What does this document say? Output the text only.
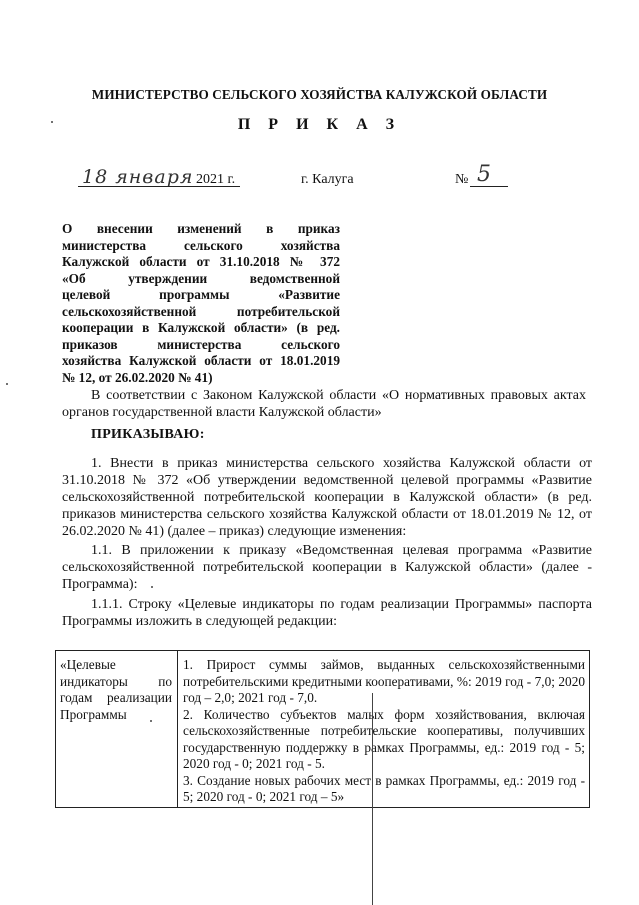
МИНИСТЕРСТВО СЕЛЬСКОГО ХОЗЯЙСТВА КАЛУЖСКОЙ ОБЛАСТИ
П Р И К А З
18 января 2021 г.	г. Калуга	№ 5
О внесении изменений в приказ
министерства сельского хозяйства
Калужской области от 31.10.2018 № 372
«Об утверждении ведомственной
целевой программы «Развитие
сельскохозяйственной потребительской
кооперации в Калужской области» (в ред.
приказов министерства сельского
хозяйства Калужской области от 18.01.2019
№ 12, от 26.02.2020 № 41)
В соответствии с Законом Калужской области «О нормативных правовых актах органов государственной власти Калужской области»
ПРИКАЗЫВАЮ:
1. Внести в приказ министерства сельского хозяйства Калужской области от 31.10.2018 № 372 «Об утверждении ведомственной целевой программы «Развитие сельскохозяйственной потребительской кооперации в Калужской области» (в ред. приказов министерства сельского хозяйства Калужской области от 18.01.2019 № 12, от 26.02.2020 № 41) (далее – приказ) следующие изменения:
1.1. В приложении к приказу «Ведомственная целевая программа «Развитие сельскохозяйственной потребительской кооперации в Калужской области» (далее - Программа):
1.1.1. Строку «Целевые индикаторы по годам реализации Программы» паспорта Программы изложить в следующей редакции:
«Целевые
индикаторы по
годам реализации
Программы

1. Прирост суммы займов, выданных сельскохозяйственными потребительскими кредитными кооперативами, %: 2019 год - 7,0; 2020 год – 2,0; 2021 год - 7,0.

2. Количество субъектов малых форм хозяйствования, включая сельскохозяйственные потребительские кооперативы, получивших государственную поддержку в рамках Программы, ед.: 2019 год - 5; 2020 год - 0; 2021 год - 5.

3. Создание новых рабочих мест в рамках Программы, ед.: 2019 год - 5; 2020 год - 0; 2021 год – 5»
